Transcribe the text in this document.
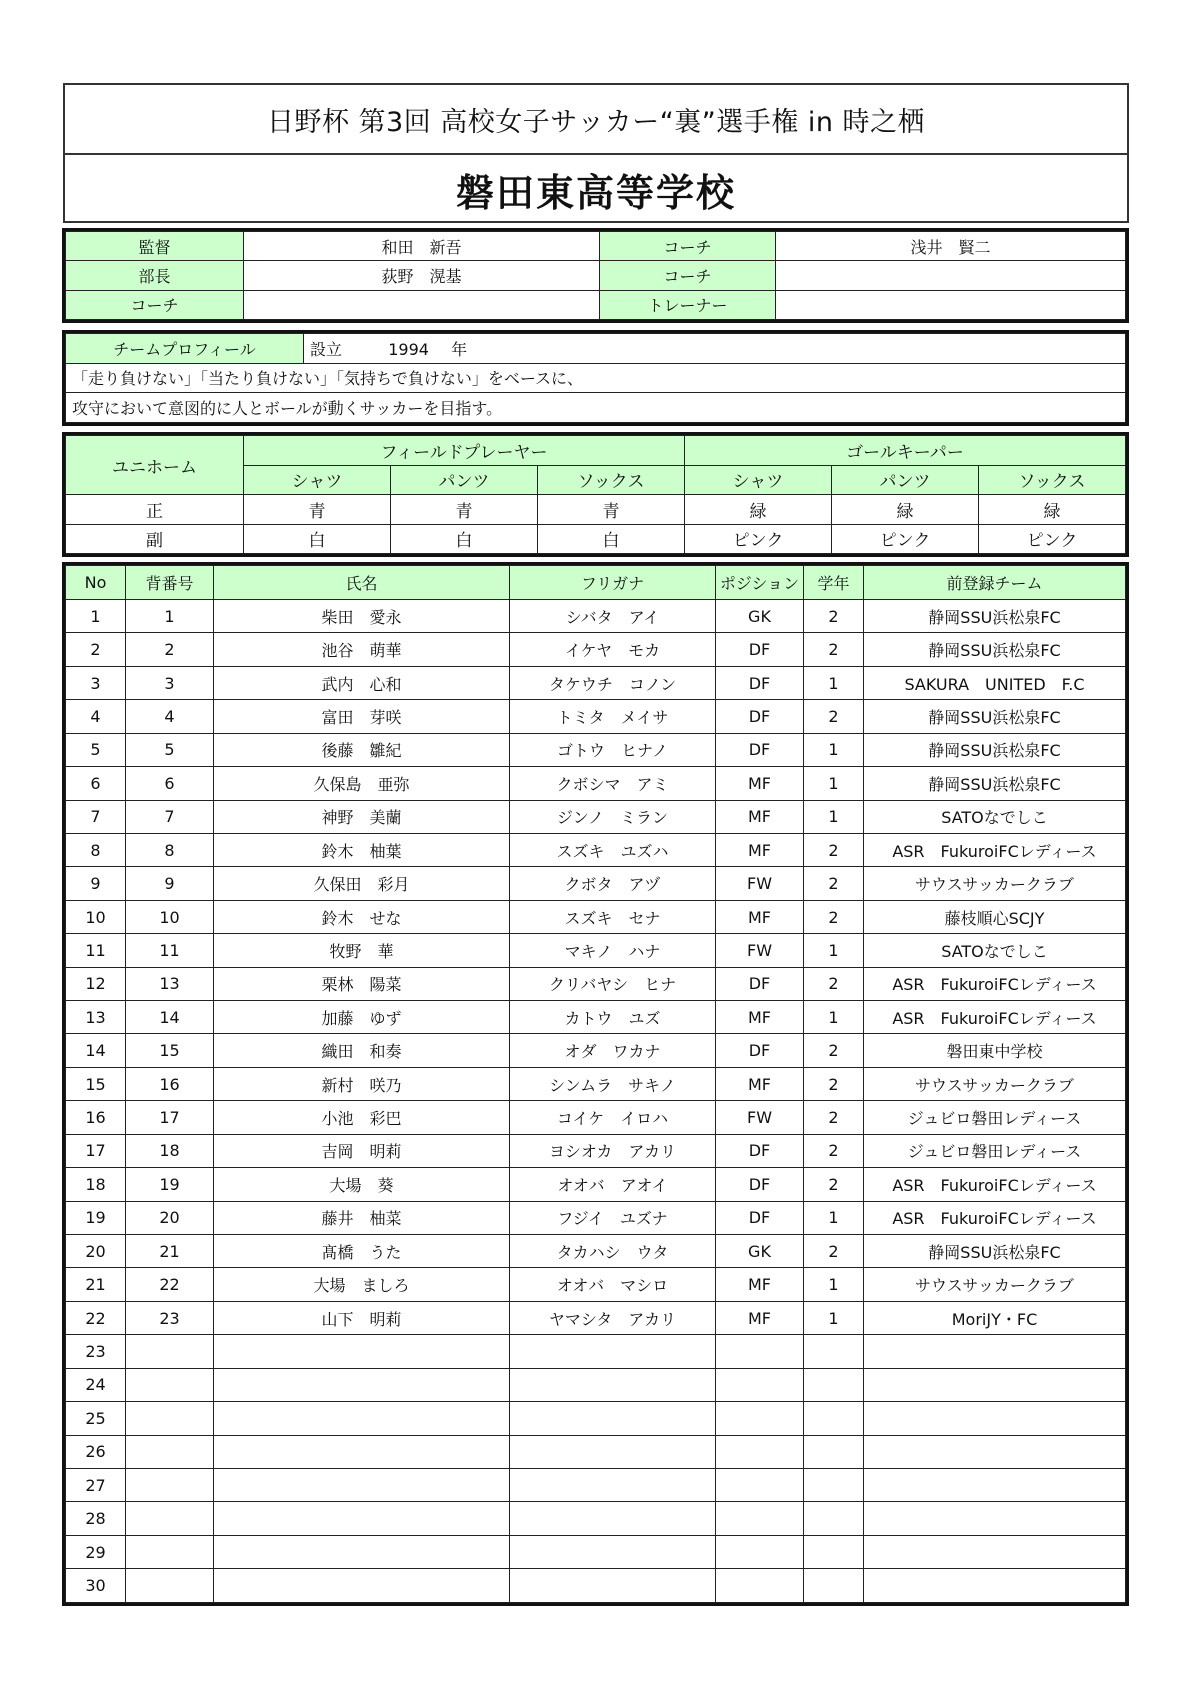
日野杯 第3回 高校女子サッカー“裏”選手権 in 時之栖
磐田東高等学校
監督	和田　新吾	コーチ	浅井　賢二
部長	荻野　滉基	コーチ	
コーチ		トレーナー	
チームプロフィール	設立	1994 年
「走り負けない」「当たり負けない」「気持ちで負けない」をベースに、
攻守において意図的に人とボールが動くサッカーを目指す。
ユニホーム	フィールドプレーヤー			ゴールキーパー		
	シャツ	パンツ	ソックス	シャツ	パンツ	ソックス
正	青	青	青	緑	緑	緑
副	白	白	白	ピンク	ピンク	ピンク
No	背番号	氏名	フリガナ	ポジション	学年	前登録チーム
1	1	柴田　愛永	シバタ　アイ	GK	2	静岡SSU浜松泉FC
2	2	池谷　萌華	イケヤ　モカ	DF	2	静岡SSU浜松泉FC
3	3	武内　心和	タケウチ　コノン	DF	1	SAKURA　UNITED　F.C
4	4	富田　芽咲	トミタ　メイサ	DF	2	静岡SSU浜松泉FC
5	5	後藤　雛紀	ゴトウ　ヒナノ	DF	1	静岡SSU浜松泉FC
6	6	久保島　亜弥	クボシマ　アミ	MF	1	静岡SSU浜松泉FC
7	7	神野　美蘭	ジンノ　ミラン	MF	1	SATOなでしこ
8	8	鈴木　柚葉	スズキ　ユズハ	MF	2	ASR　FukuroiFCレディース
9	9	久保田　彩月	クボタ　アヅ	FW	2	サウスサッカークラブ
10	10	鈴木　せな	スズキ　セナ	MF	2	藤枝順心SCJY
11	11	牧野　華	マキノ　ハナ	FW	1	SATOなでしこ
12	13	栗林　陽菜	クリバヤシ　ヒナ	DF	2	ASR　FukuroiFCレディース
13	14	加藤　ゆず	カトウ　ユズ	MF	1	ASR　FukuroiFCレディース
14	15	織田　和奏	オダ　ワカナ	DF	2	磐田東中学校
15	16	新村　咲乃	シンムラ　サキノ	MF	2	サウスサッカークラブ
16	17	小池　彩巴	コイケ　イロハ	FW	2	ジュビロ磐田レディース
17	18	吉岡　明莉	ヨシオカ　アカリ	DF	2	ジュビロ磐田レディース
18	19	大場　葵	オオバ　アオイ	DF	2	ASR　FukuroiFCレディース
19	20	藤井　柚菜	フジイ　ユズナ	DF	1	ASR　FukuroiFCレディース
20	21	髙橋　うた	タカハシ　ウタ	GK	2	静岡SSU浜松泉FC
21	22	大場　ましろ	オオバ　マシロ	MF	1	サウスサッカークラブ
22	23	山下　明莉	ヤマシタ　アカリ	MF	1	MoriJY・FC
23						
24						
25						
26						
27						
28						
29						
30						
